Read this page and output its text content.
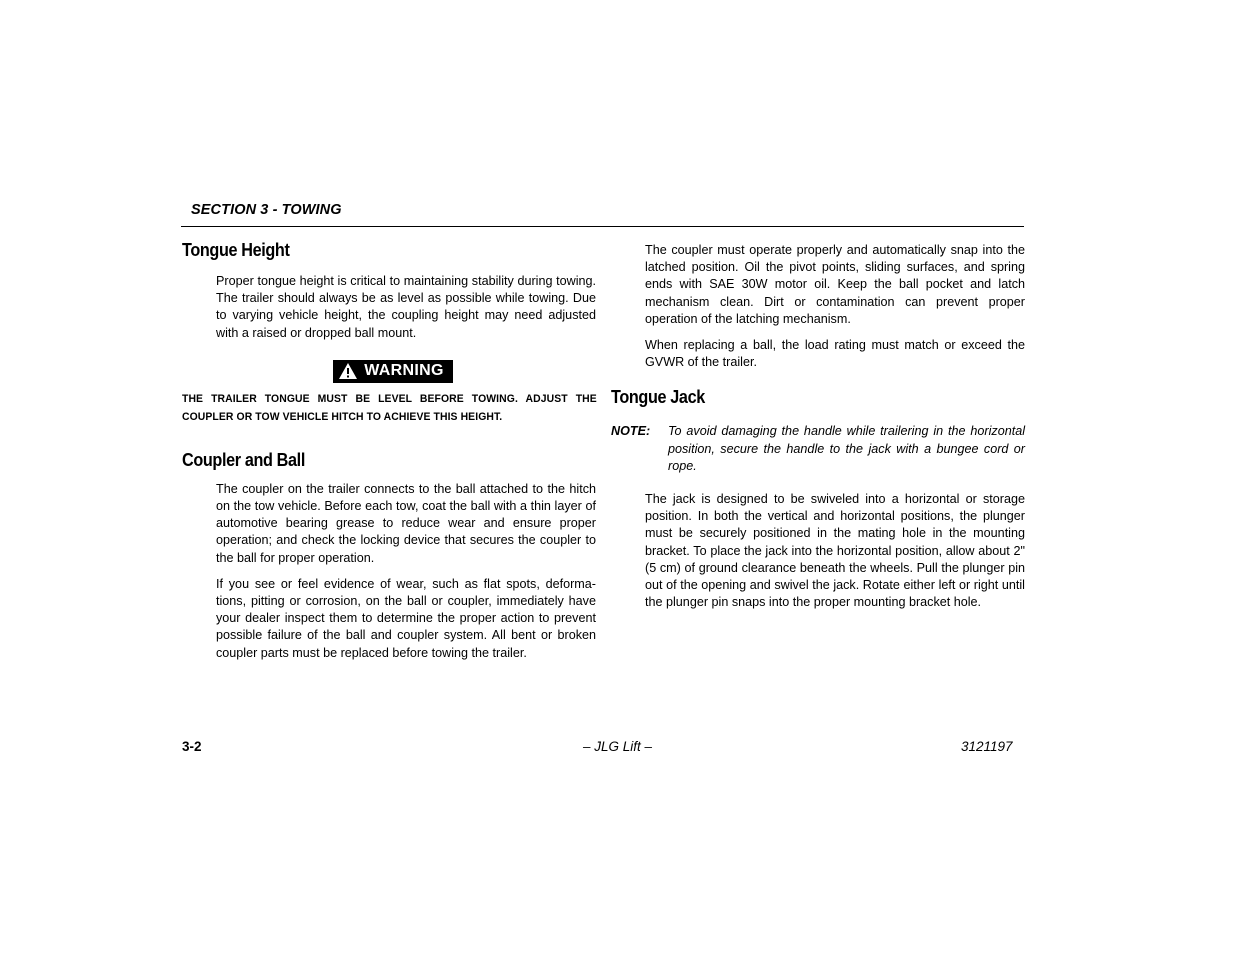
SECTION 3 - TOWING
Tongue Height

Proper tongue height is critical to maintaining stability during towing. The trailer should always be as level as possible while towing. Due to varying vehicle height, the coupling height may need adjusted with a raised or dropped ball mount.

WARNING
THE TRAILER TONGUE MUST BE LEVEL BEFORE TOWING. ADJUST THE COUPLER OR TOW VEHICLE HITCH TO ACHIEVE THIS HEIGHT.
Coupler and Ball

The coupler on the trailer connects to the ball attached to the hitch on the tow vehicle. Before each tow, coat the ball with a thin layer of automotive bearing grease to reduce wear and ensure proper operation; and check the locking device that secures the coupler to the ball for proper operation.

If you see or feel evidence of wear, such as flat spots, deforma-tions, pitting or corrosion, on the ball or coupler, immediately have your dealer inspect them to determine the proper action to prevent possible failure of the ball and coupler system. All bent or broken coupler parts must be replaced before towing the trailer.

The coupler must operate properly and automatically snap into the latched position. Oil the pivot points, sliding surfaces, and spring ends with SAE 30W motor oil. Keep the ball pocket and latch mechanism clean. Dirt or contamination can prevent proper operation of the latching mechanism.

When replacing a ball, the load rating must match or exceed the GVWR of the trailer.

Tongue Jack
NOTE:	To avoid damaging the handle while trailering in the horizontal position, secure the handle to the jack with a bungee cord or rope.

The jack is designed to be swiveled into a horizontal or storage position. In both the vertical and horizontal positions, the plunger must be securely positioned in the mating hole in the mounting bracket. To place the jack into the horizontal position, allow about 2" (5 cm) of ground clearance beneath the wheels. Pull the plunger pin out of the opening and swivel the jack. Rotate either left or right until the plunger pin snaps into the proper mounting bracket hole.

3-2	– JLG Lift –	3121197
